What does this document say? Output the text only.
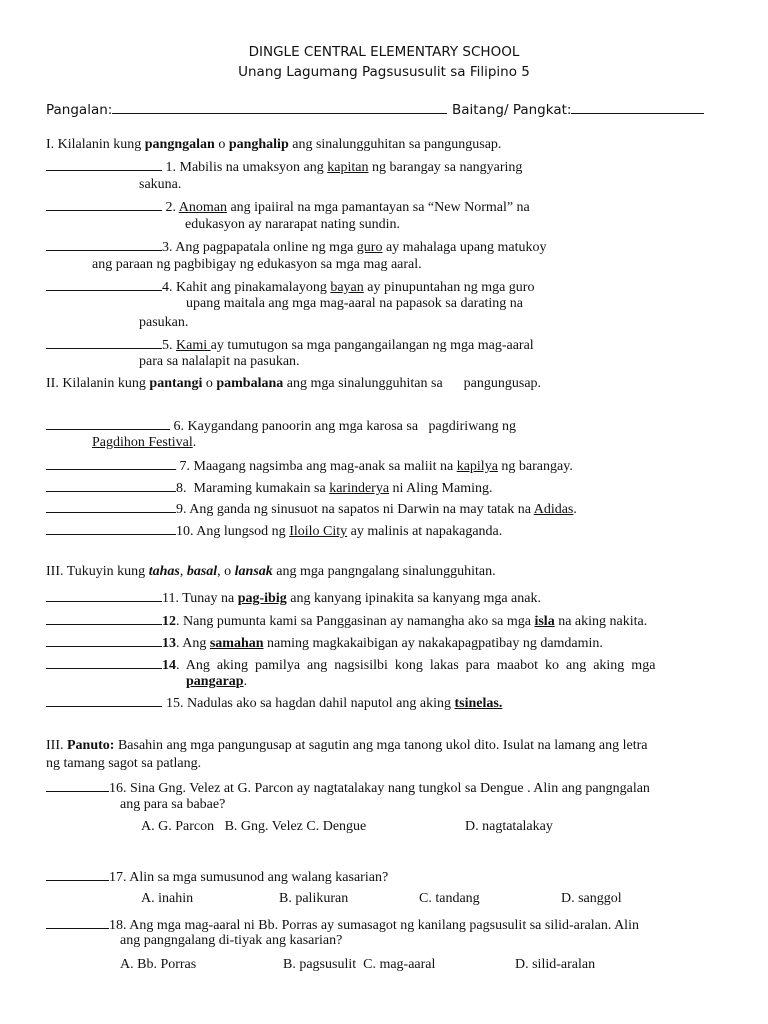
DINGLE CENTRAL ELEMENTARY SCHOOL
Unang Lagumang Pagsususulit sa Filipino 5
Pangalan:	Baitang/ Pangkat:
I. Kilalanin kung pangngalan o panghalip ang sinalungguhitan sa pangungusap.
1. Mabilis na umaksyon ang kapitan ng barangay sa nangyaring
sakuna.
2. Anoman ang ipaiiral na mga pamantayan sa “New Normal” na
edukasyon ay nararapat nating sundin.
3. Ang pagpapatala online ng mga guro ay mahalaga upang matukoy
ang paraan ng pagbibigay ng edukasyon sa mga mag aaral.
4. Kahit ang pinakamalayong bayan ay pinupuntahan ng mga guro
upang maitala ang mga mag-aaral na papasok sa darating na
pasukan.
5. Kami ay tumutugon sa mga pangangailangan ng mga mag-aaral
para sa nalalapit na pasukan.
II. Kilalanin kung pantangi o pambalana ang mga sinalungguhitan sa      pangungusap.
6. Kaygandang panoorin ang mga karosa sa   pagdiriwang ng
Pagdihon Festival.
7. Maagang nagsimba ang mag-anak sa maliit na kapilya ng barangay.
8.  Maraming kumakain sa karinderya ni Aling Maming.
9. Ang ganda ng sinusuot na sapatos ni Darwin na may tatak na Adidas.
10. Ang lungsod ng Iloilo City ay malinis at napakaganda.
III. Tukuyin kung tahas, basal, o lansak ang mga pangngalang sinalungguhitan.
11. Tunay na pag-ibig ang kanyang ipinakita sa kanyang mga anak.
12. Nang pumunta kami sa Panggasinan ay namangha ako sa mga isla na aking nakita.
13. Ang samahan naming magkakaibigan ay nakakapagpatibay ng damdamin.
14.  Ang  aking  pamilya  ang  nagsisilbi  kong  lakas  para  maabot  ko  ang  aking  mga
pangarap.
15. Nadulas ako sa hagdan dahil naputol ang aking tsinelas.
III. Panuto: Basahin ang mga pangungusap at sagutin ang mga tanong ukol dito. Isulat na lamang ang letra
ng tamang sagot sa patlang.
16. Sina Gng. Velez at G. Parcon ay nagtatalakay nang tungkol sa Dengue . Alin ang pangngalan
ang para sa babae?
A. G. Parcon   B. Gng. Velez C. Dengue	D. nagtatalakay
17. Alin sa mga sumusunod ang walang kasarian?
A. inahin	B. palikuran	C. tandang	D. sanggol
18. Ang mga mag-aaral ni Bb. Porras ay sumasagot ng kanilang pagsusulit sa silid-aralan. Alin
ang pangngalang di-tiyak ang kasarian?
A. Bb. Porras	B. pagsusulit  C. mag-aaral	D. silid-aralan
